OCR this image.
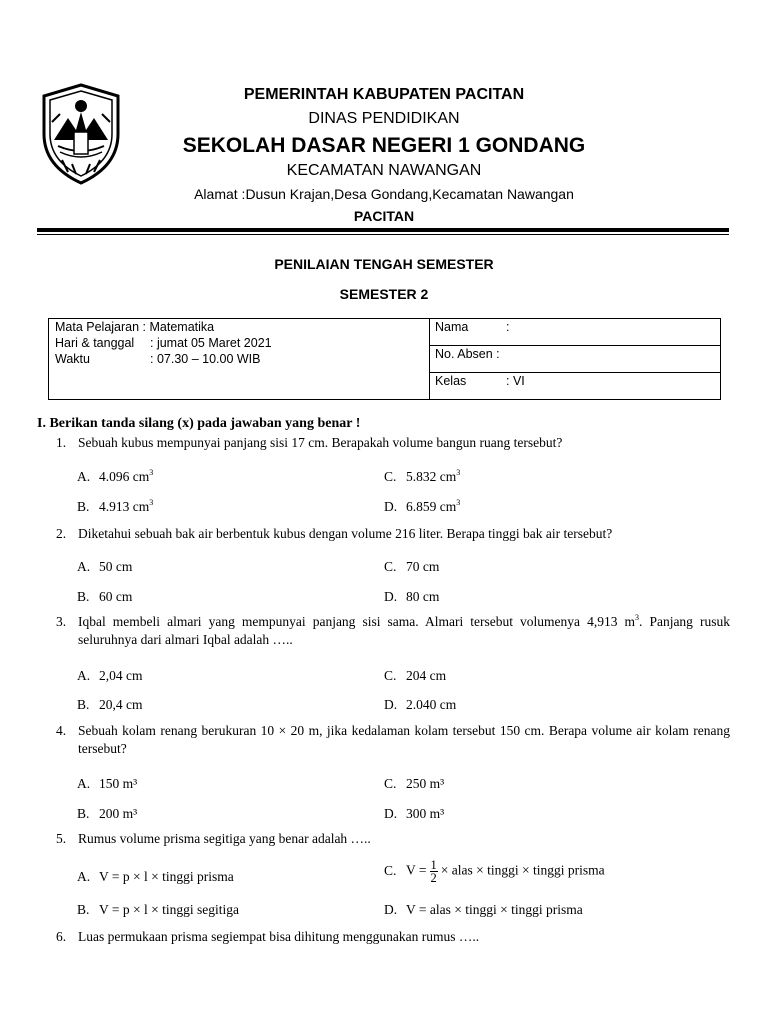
PEMERINTAH KABUPATEN PACITAN
DINAS PENDIDIKAN
SEKOLAH DASAR NEGERI 1 GONDANG
KECAMATAN NAWANGAN
Alamat :Dusun Krajan,Desa Gondang,Kecamatan Nawangan
PACITAN
PENILAIAN TENGAH SEMESTER
SEMESTER 2
Mata Pelajaran : Matematika
Hari & tanggal : jumat 05 Maret 2021
Waktu	: 07.30 – 10.00 WIB
Nama	:
No. Absen :
Kelas	: VI
I. Berikan tanda silang (x) pada jawaban yang benar !
1. Sebuah kubus mempunyai panjang sisi 17 cm. Berapakah volume bangun ruang tersebut?
A. 4.096 $cm^3$
B. 4.913 $cm^3$
C. 5.832 $cm^3$
D. 6.859 $cm^3$
2. Diketahui sebuah bak air berbentuk kubus dengan volume 216 liter. Berapa tinggi bak air tersebut?
A. 50 cm
B. 60 cm
C. 70 cm
D. 80 cm
3. Iqbal membeli almari yang mempunyai panjang sisi sama. Almari tersebut volumenya 4,913 $m^3$. Panjang rusuk seluruhnya dari almari Iqbal adalah …..
A. 2,04 cm
B. 20,4 cm
C. 204 cm
D. 2.040 cm
4. Sebuah kolam renang berukuran 10 × 20 m, jika kedalaman kolam tersebut 150 cm. Berapa volume air kolam renang tersebut?
A. 150 m³
B. 200 m³
C. 250 m³
D. 300 m³
5. Rumus volume prisma segitiga yang benar adalah …..
A. V = p × l × tinggi prisma
B. V = p × l × tinggi segitiga
C. $V = \frac{1}{2}$ × alas × tinggi × tinggi prisma
D. V = alas × tinggi × tinggi prisma
6. Luas permukaan prisma segiempat bisa dihitung menggunakan rumus …..
